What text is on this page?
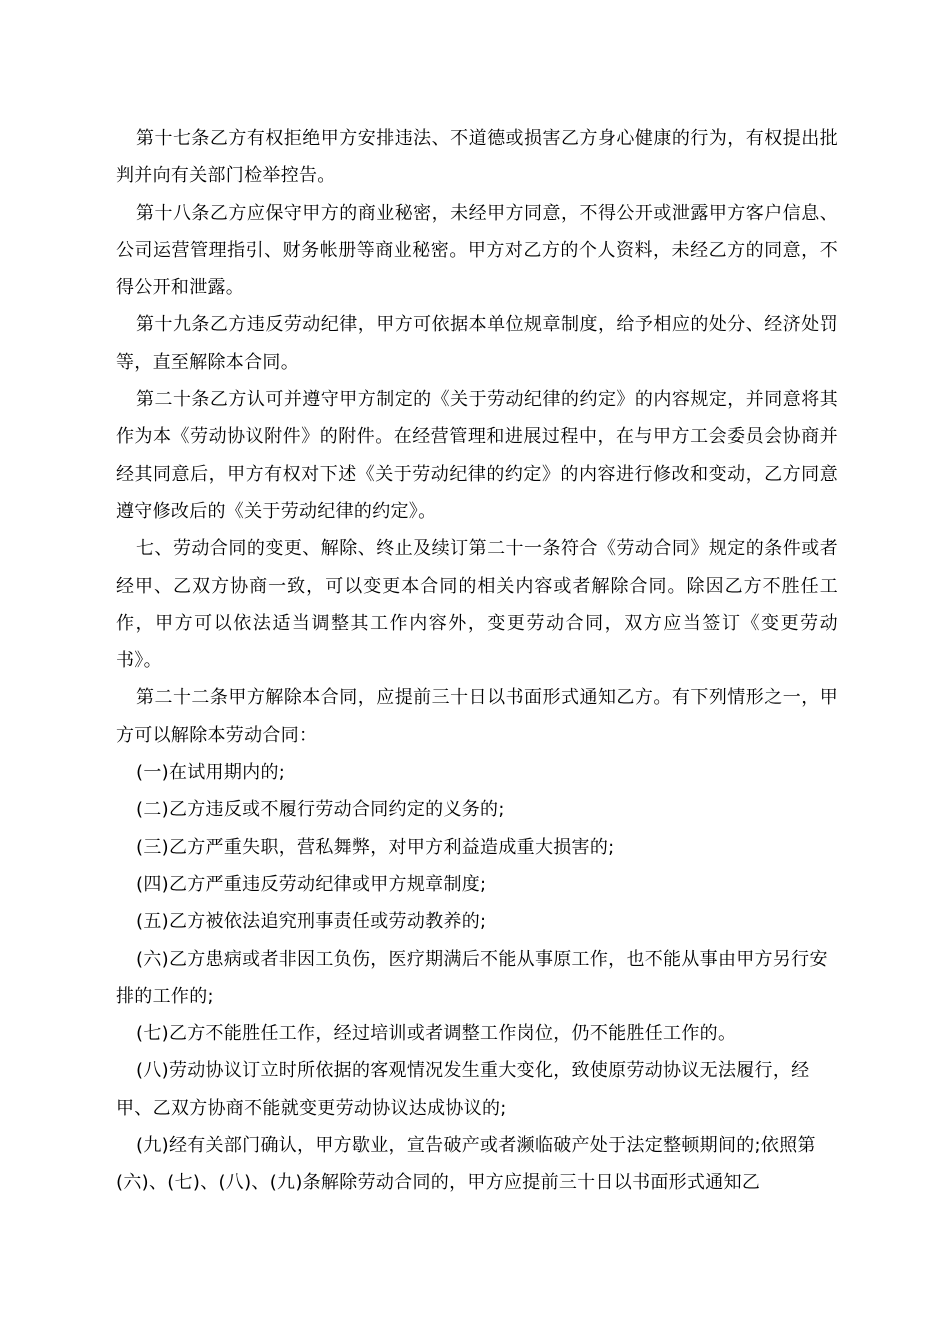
第十七条乙方有权拒绝甲方安排违法、不道德或损害乙方身心健康的行为，有权提出批判并向有关部门检举控告。

第十八条乙方应保守甲方的商业秘密，未经甲方同意，不得公开或泄露甲方客户信息、公司运营管理指引、财务帐册等商业秘密。甲方对乙方的个人资料，未经乙方的同意，不得公开和泄露。

第十九条乙方违反劳动纪律，甲方可依据本单位规章制度，给予相应的处分、经济处罚等，直至解除本合同。

第二十条乙方认可并遵守甲方制定的《关于劳动纪律的约定》的内容规定，并同意将其作为本《劳动协议附件》的附件。在经营管理和进展过程中，在与甲方工会委员会协商并经其同意后，甲方有权对下述《关于劳动纪律的约定》的内容进行修改和变动，乙方同意遵守修改后的《关于劳动纪律的约定》。

七、劳动合同的变更、解除、终止及续订第二十一条符合《劳动合同》规定的条件或者经甲、乙双方协商一致，可以变更本合同的相关内容或者解除合同。除因乙方不胜任工作，甲方可以依法适当调整其工作内容外，变更劳动合同，双方应当签订《变更劳动书》。

第二十二条甲方解除本合同，应提前三十日以书面形式通知乙方。有下列情形之一，甲方可以解除本劳动合同：

(一)在试用期内的;

(二)乙方违反或不履行劳动合同约定的义务的;

(三)乙方严重失职，营私舞弊，对甲方利益造成重大损害的;

(四)乙方严重违反劳动纪律或甲方规章制度;

(五)乙方被依法追究刑事责任或劳动教养的;

(六)乙方患病或者非因工负伤，医疗期满后不能从事原工作，也不能从事由甲方另行安排的工作的;

(七)乙方不能胜任工作，经过培训或者调整工作岗位，仍不能胜任工作的。

(八)劳动协议订立时所依据的客观情况发生重大变化，致使原劳动协议无法履行，经甲、乙双方协商不能就变更劳动协议达成协议的;

(九)经有关部门确认，甲方歇业，宣告破产或者濒临破产处于法定整顿期间的;依照第(六)、(七)、(八)、(九)条解除劳动合同的，甲方应提前三十日以书面形式通知乙
